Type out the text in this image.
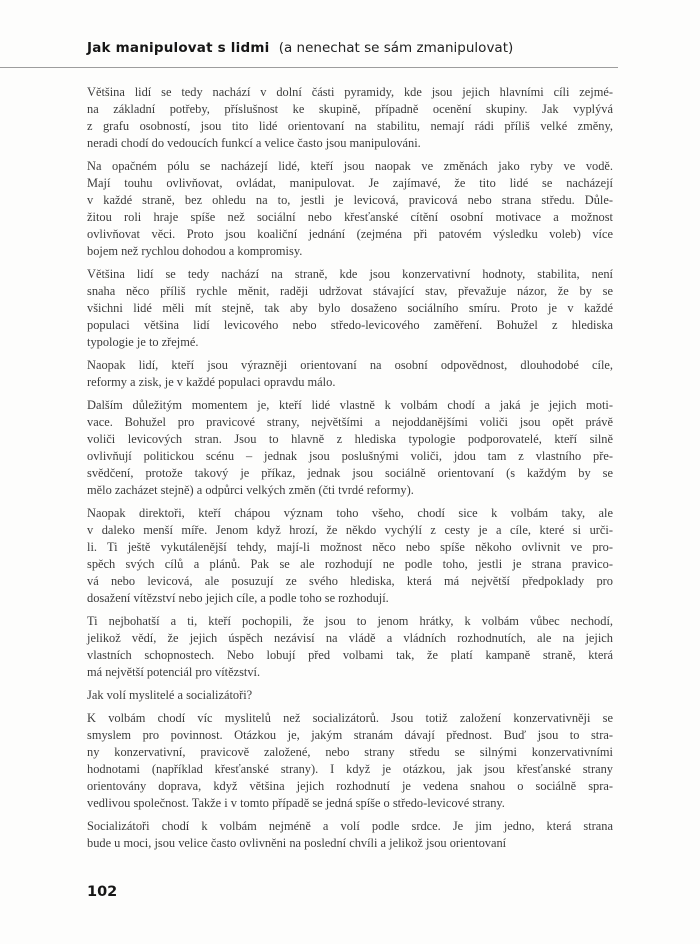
Jak manipulovat s lidmi (a nenechat se sám zmanipulovat)
Většina lidí se tedy nachází v dolní části pyramidy, kde jsou jejich hlavními cíli zejmé-
na základní potřeby, příslušnost ke skupině, případně ocenění skupiny. Jak vyplývá
z grafu osobností, jsou tito lidé orientovaní na stabilitu, nemají rádi příliš velké změny,
neradi chodí do vedoucích funkcí a velice často jsou manipulováni.
Na opačném pólu se nacházejí lidé, kteří jsou naopak ve změnách jako ryby ve vodě.
Mají touhu ovlivňovat, ovládat, manipulovat. Je zajímavé, že tito lidé se nacházejí
v každé straně, bez ohledu na to, jestli je levicová, pravicová nebo strana středu. Důle-
žitou roli hraje spíše než sociální nebo křesťanské cítění osobní motivace a možnost
ovlivňovat věci. Proto jsou koaliční jednání (zejména při patovém výsledku voleb) více
bojem než rychlou dohodou a kompromisy.
Většina lidí se tedy nachází na straně, kde jsou konzervativní hodnoty, stabilita, není
snaha něco příliš rychle měnit, raději udržovat stávající stav, převažuje názor, že by se
všichni lidé měli mít stejně, tak aby bylo dosaženo sociálního smíru. Proto je v každé
populaci většina lidí levicového nebo středo-levicového zaměření. Bohužel z hlediska
typologie je to zřejmé.
Naopak lidí, kteří jsou výrazněji orientovaní na osobní odpovědnost, dlouhodobé cíle,
reformy a zisk, je v každé populaci opravdu málo.
Dalším důležitým momentem je, kteří lidé vlastně k volbám chodí a jaká je jejich moti-
vace. Bohužel pro pravicové strany, největšími a nejoddanějšími voliči jsou opět právě
voliči levicových stran. Jsou to hlavně z hlediska typologie podporovatelé, kteří silně
ovlivňují politickou scénu – jednak jsou poslušnými voliči, jdou tam z vlastního pře-
svědčení, protože takový je příkaz, jednak jsou sociálně orientovaní (s každým by se
mělo zacházet stejně) a odpůrci velkých změn (čti tvrdé reformy).
Naopak direktoři, kteří chápou význam toho všeho, chodí sice k volbám taky, ale
v daleko menší míře. Jenom když hrozí, že někdo vychýlí z cesty je a cíle, které si urči-
li. Ti ještě vykutálenější tehdy, mají-li možnost něco nebo spíše někoho ovlivnit ve pro-
spěch svých cílů a plánů. Pak se ale rozhodují ne podle toho, jestli je strana pravico-
vá nebo levicová, ale posuzují ze svého hlediska, která má největší předpoklady pro
dosažení vítězství nebo jejich cíle, a podle toho se rozhodují.
Ti nejbohatší a ti, kteří pochopili, že jsou to jenom hrátky, k volbám vůbec nechodí,
jelikož vědí, že jejich úspěch nezávisí na vládě a vládních rozhodnutích, ale na jejich
vlastních schopnostech. Nebo lobují před volbami tak, že platí kampaně straně, která
má největší potenciál pro vítězství.
Jak volí myslitelé a socializátoři?
K volbám chodí víc myslitelů než socializátorů. Jsou totiž založení konzervativněji se
smyslem pro povinnost. Otázkou je, jakým stranám dávají přednost. Buď jsou to stra-
ny konzervativní, pravicově založené, nebo strany středu se silnými konzervativními
hodnotami (například křesťanské strany). I když je otázkou, jak jsou křesťanské strany
orientovány doprava, když většina jejich rozhodnutí je vedena snahou o sociálně spra-
vedlivou společnost. Takže i v tomto případě se jedná spíše o středo-levicové strany.
Socializátoři chodí k volbám nejméně a volí podle srdce. Je jim jedno, která strana
bude u moci, jsou velice často ovlivněni na poslední chvíli a jelikož jsou orientovaní
102
